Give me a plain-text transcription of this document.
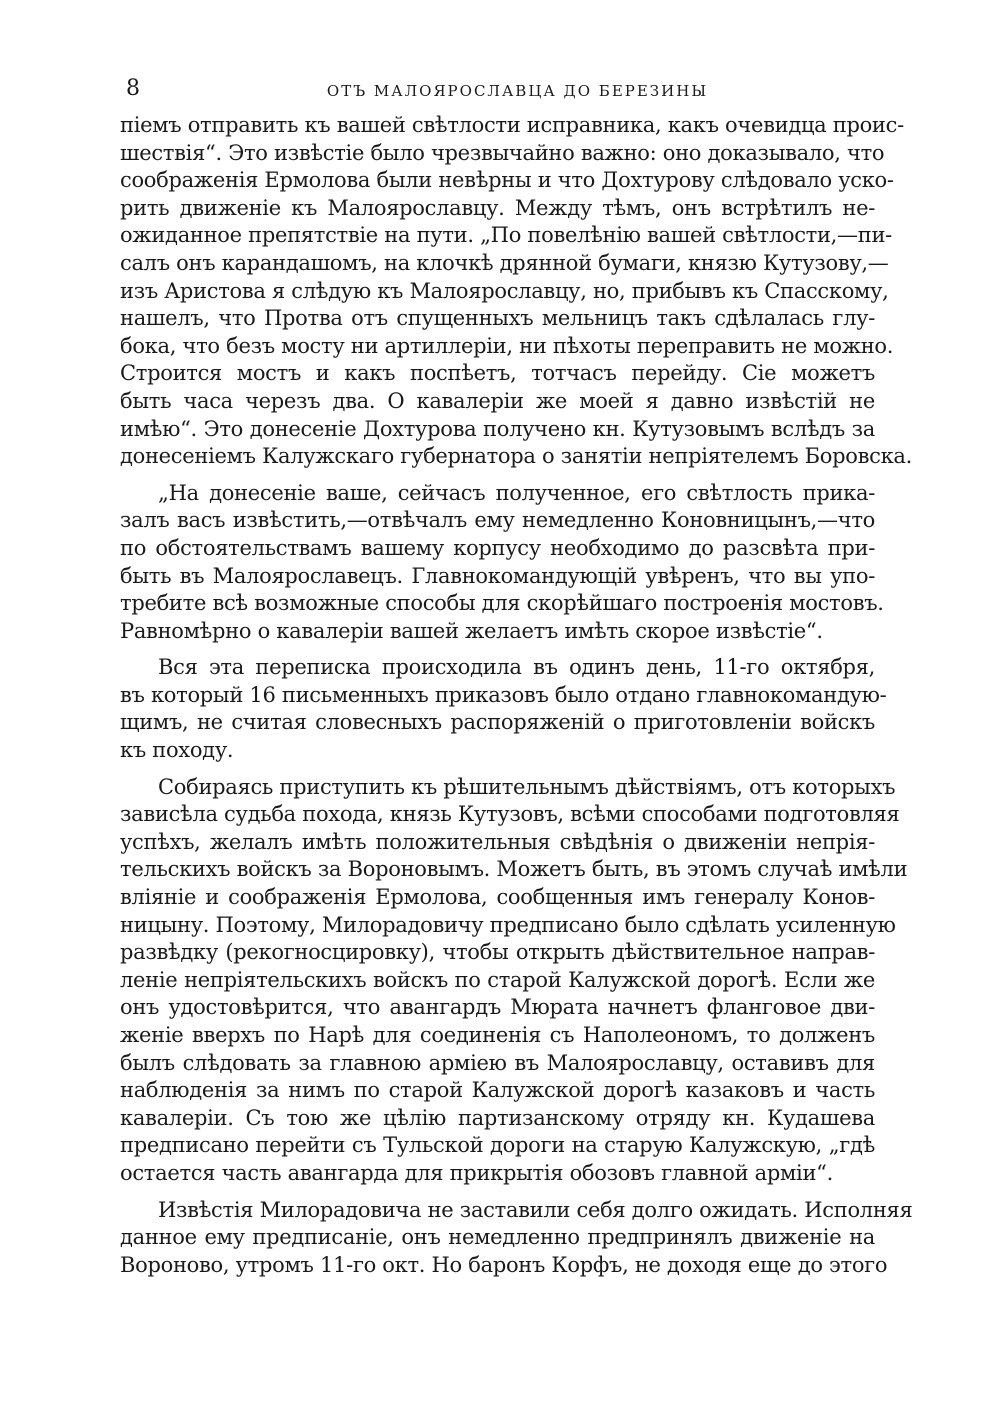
8	ОТЪ МАЛОЯРОСЛАВЦА ДО БЕРЕЗИНЫ
піемъ отправить къ вашей свѣтлости исправника, какъ очевидца проис-
шествія“. Это извѣстіе было чрезвычайно важно: оно доказывало, что
соображенія Ермолова были невѣрны и что Дохтурову слѣдовало уско-
рить движеніе къ Малоярославцу. Между тѣмъ, онъ встрѣтилъ не-
ожиданное препятствіе на пути. „По повелѣнію вашей свѣтлости,—пи-
салъ онъ карандашомъ, на клочкѣ дрянной бумаги, князю Кутузову,—
изъ Аристова я слѣдую къ Малоярославцу, но, прибывъ къ Спасскому,
нашелъ, что Протва отъ спущенныхъ мельницъ такъ сдѣлалась глу-
бока, что безъ мосту ни артиллеріи, ни пѣхоты переправить не можно.
Строится мостъ и какъ поспѣетъ, тотчасъ перейду. Сіе можетъ
быть часа черезъ два. О кавалеріи же моей я давно извѣстій не
имѣю“. Это донесеніе Дохтурова получено кн. Кутузовымъ вслѣдъ за
донесеніемъ Калужскаго губернатора о занятіи непріятелемъ Боровска.
„На донесеніе ваше, сейчасъ полученное, его свѣтлость прика-
залъ васъ извѣстить,—отвѣчалъ ему немедленно Коновницынъ,—что
по обстоятельствамъ вашему корпусу необходимо до разсвѣта при-
быть въ Малоярославецъ. Главнокомандующій увѣренъ, что вы упо-
требите всѣ возможные способы для скорѣйшаго построенія мостовъ.
Равномѣрно о кавалеріи вашей желаетъ имѣть скорое извѣстіе“.
Вся эта переписка происходила въ одинъ день, 11-го октября,
въ который 16 письменныхъ приказовъ было отдано главнокомандую-
щимъ, не считая словесныхъ распоряженій о приготовленіи войскъ
къ походу.
Собираясь приступить къ рѣшительнымъ дѣйствіямъ, отъ которыхъ
зависѣла судьба похода, князь Кутузовъ, всѣми способами подготовляя
успѣхъ, желалъ имѣть положительныя свѣдѣнія о движеніи непрія-
тельскихъ войскъ за Вороновымъ. Можетъ быть, въ этомъ случаѣ имѣли
вліяніе и соображенія Ермолова, сообщенныя имъ генералу Конов-
ницыну. Поэтому, Милорадовичу предписано было сдѣлать усиленную
развѣдку (рекогносцировку), чтобы открыть дѣйствительное направ-
леніе непріятельскихъ войскъ по старой Калужской дорогѣ. Если же
онъ удостовѣрится, что авангардъ Мюрата начнетъ фланговое дви-
женіе вверхъ по Нарѣ для соединенія съ Наполеономъ, то долженъ
былъ слѣдовать за главною арміею въ Малоярославцу, оставивъ для
наблюденія за нимъ по старой Калужской дорогѣ казаковъ и часть
кавалеріи. Съ тою же цѣлію партизанскому отряду кн. Кудашева
предписано перейти съ Тульской дороги на старую Калужскую, „гдѣ
остается часть авангарда для прикрытія обозовъ главной арміи“.
Извѣстія Милорадовича не заставили себя долго ожидать. Исполняя
данное ему предписаніе, онъ немедленно предпринялъ движеніе на
Вороново, утромъ 11-го окт. Но баронъ Корфъ, не доходя еще до этого
